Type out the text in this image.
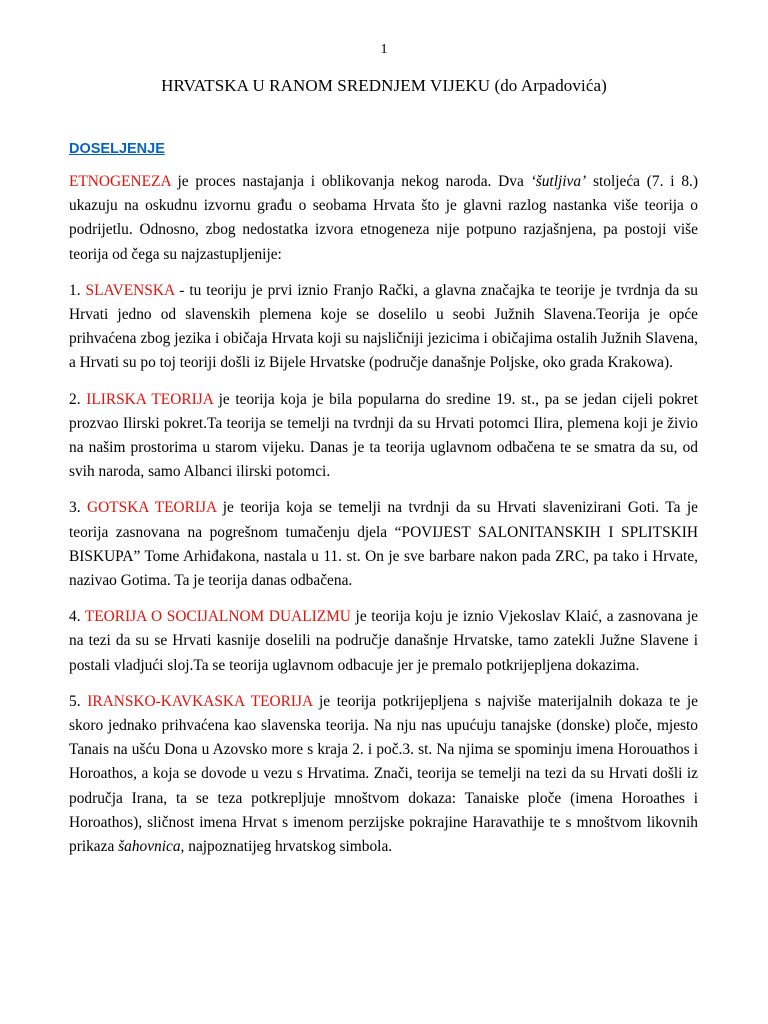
1
HRVATSKA U RANOM SREDNJEM VIJEKU (do Arpadovića)
DOSELJENJE

ETNOGENEZA je proces nastajanja i oblikovanja nekog naroda. Dva ‘šutljiva’ stoljeća (7. i 8.) ukazuju na oskudnu izvornu građu o seobama Hrvata što je glavni razlog nastanka više teorija o podrijetlu. Odnosno, zbog nedostatka izvora etnogeneza nije potpuno razjašnjena, pa postoji više teorija od čega su najzastupljenije:

1. SLAVENSKA - tu teoriju je prvi iznio Franjo Rački, a glavna značajka te teorije je tvrdnja da su Hrvati jedno od slavenskih plemena koje se doselilo u seobi Južnih Slavena.Teorija je opće prihvaćena zbog jezika i običaja Hrvata koji su najsličniji jezicima i običajima ostalih Južnih Slavena, a Hrvati su po toj teoriji došli iz Bijele Hrvatske (područje današnje Poljske, oko grada Krakowa).

2. ILIRSKA TEORIJA je teorija koja je bila popularna do sredine 19. st., pa se jedan cijeli pokret prozvao Ilirski pokret.Ta teorija se temelji na tvrdnji da su Hrvati potomci Ilira, plemena koji je živio na našim prostorima u starom vijeku. Danas je ta teorija uglavnom odbačena te se smatra da su, od svih naroda, samo Albanci ilirski potomci.

3. GOTSKA TEORIJA je teorija koja se temelji na tvrdnji da su Hrvati slavenizirani Goti. Ta je teorija zasnovana na pogrešnom tumačenju djela “POVIJEST SALONITANSKIH I SPLITSKIH BISKUPA” Tome Arhiđakona, nastala u 11. st. On je sve barbare nakon pada ZRC, pa tako i Hrvate, nazivao Gotima. Ta je teorija danas odbačena.

4. TEORIJA O SOCIJALNOM DUALIZMU je teorija koju je iznio Vjekoslav Klaić, a zasnovana je na tezi da su se Hrvati kasnije doselili na područje današnje Hrvatske, tamo zatekli Južne Slavene i postali vladjući sloj.Ta se teorija uglavnom odbacuje jer je premalo potkrijepljena dokazima.

5. IRANSKO-KAVKASKA TEORIJA je teorija potkrijepljena s najviše materijalnih dokaza te je skoro jednako prihvaćena kao slavenska teorija. Na nju nas upućuju tanajske (donske) ploče, mjesto Tanais na ušću Dona u Azovsko more s kraja 2. i poč.3. st. Na njima se spominju imena Horouathos i Horoathos, a koja se dovode u vezu s Hrvatima. Znači, teorija se temelji na tezi da su Hrvati došli iz područja Irana, ta se teza potkrepljuje mnoštvom dokaza: Tanaiske ploče (imena Horoathes i Horoathos), sličnost imena Hrvat s imenom perzijske pokrajine Haravathije te s mnoštvom likovnih prikaza šahovnica, najpoznatijeg hrvatskog simbola.
